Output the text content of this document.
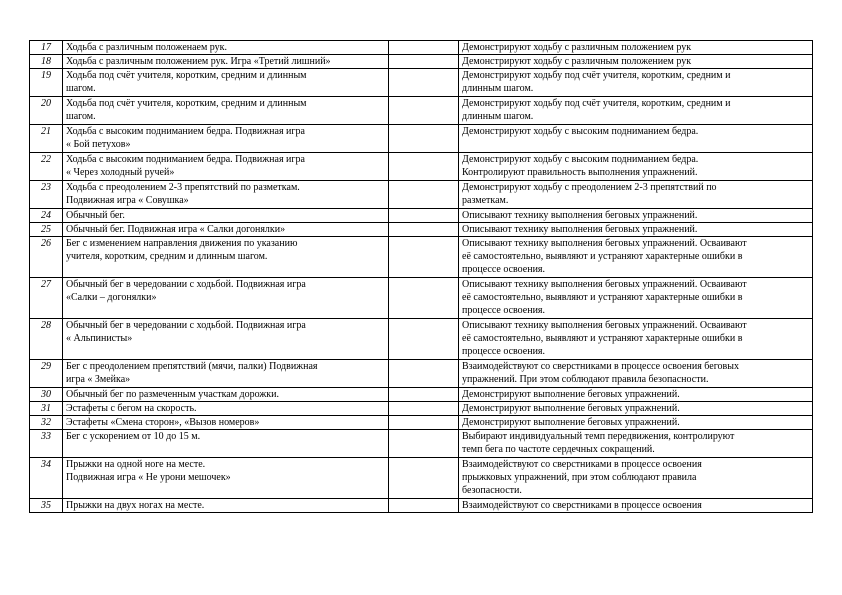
17	Ходьба с различным положенаем рук.		Демонстрируют ходьбу с различным положением рук

18	Ходьба с различным положением рук. Игра «Третий лишний»		Демонстрируют ходьбу с различным положением рук

19	Ходьба под счёт учителя, коротким, средним и длинным
шагом.		Демонстрируют ходьбу под счёт учителя, коротким, средним и
длинным шагом.

20	Ходьба под счёт учителя, коротким, средним и длинным
шагом.		Демонстрируют ходьбу под счёт учителя, коротким, средним и
длинным шагом.

21	Ходьба с высоким подниманием бедра. Подвижная игра
« Бой петухов»		Демонстрируют ходьбу с высоким подниманием бедра.

22	Ходьба с высоким подниманием бедра. Подвижная игра
« Через холодный ручей»		Демонстрируют ходьбу с высоким подниманием бедра.
Контролируют правильность выполнения упражнений.

23	Ходьба с преодолением 2-3 препятствий по разметкам.
Подвижная игра « Совушка»		Демонстрируют ходьбу с преодолением 2-3 препятствий по
разметкам.

24	Обычный бег.		Описывают технику выполнения беговых упражнений.

25	Обычный бег. Подвижная игра « Салки догонялки»		Описывают технику выполнения беговых упражнений.

26	Бег с изменением направления движения по указанию
учителя, коротким, средним и длинным шагом.		Описывают технику выполнения беговых упражнений. Осваивают
её самостоятельно, выявляют и устраняют характерные ошибки в
процессе освоения.

27	Обычный бег в чередовании с ходьбой. Подвижная игра
«Салки – догонялки»		Описывают технику выполнения беговых упражнений. Осваивают
её самостоятельно, выявляют и устраняют характерные ошибки в
процессе освоения.

28	Обычный бег в чередовании с ходьбой. Подвижная игра
« Альпинисты»		Описывают технику выполнения беговых упражнений. Осваивают
её самостоятельно, выявляют и устраняют характерные ошибки в
процессе освоения.

29	Бег с преодолением препятствий (мячи, палки) Подвижная
игра « Змейка»		Взаимодействуют со сверстниками в процессе освоения беговых
упражнений. При этом соблюдают правила безопасности.

30	Обычный бег по размеченным участкам дорожки.		Демонстрируют выполнение беговых упражнений.

31	Эстафеты с бегом на скорость.		Демонстрируют выполнение беговых упражнений.

32	Эстафеты «Смена сторон», «Вызов номеров»		Демонстрируют выполнение беговых упражнений.

33	Бег с ускорением от 10 до 15 м.		Выбирают индивидуальный темп передвижения, контролируют
темп бега по частоте сердечных сокращений.

34	Прыжки на одной ноге на месте.
Подвижная игра « Не урони мешочек»		Взаимодействуют со сверстниками в процессе освоения
прыжковых упражнений, при этом соблюдают правила
безопасности.

35	Прыжки на двух ногах на месте.		Взаимодействуют со сверстниками в процессе освоения
